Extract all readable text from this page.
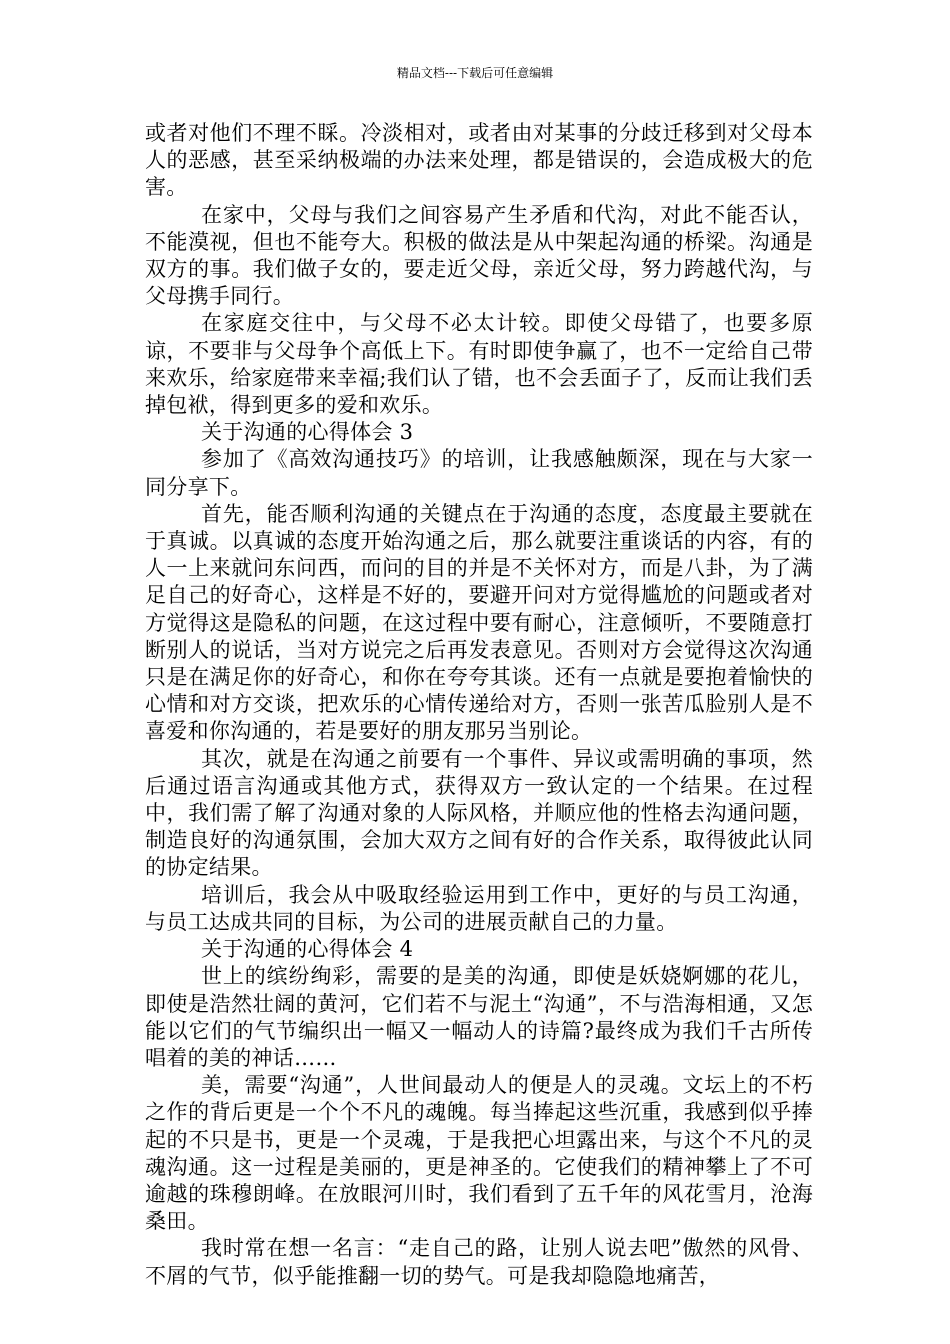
精品文档---下载后可任意编辑

或者对他们不理不睬。冷淡相对，或者由对某事的分歧迁移到对父母本人的恶感，甚至采纳极端的办法来处理，都是错误的，会造成极大的危害。

在家中，父母与我们之间容易产生矛盾和代沟，对此不能否认，不能漠视，但也不能夸大。积极的做法是从中架起沟通的桥梁。沟通是双方的事。我们做子女的，要走近父母，亲近父母，努力跨越代沟，与父母携手同行。

在家庭交往中，与父母不必太计较。即使父母错了，也要多原谅，不要非与父母争个高低上下。有时即使争赢了，也不一定给自己带来欢乐，给家庭带来幸福;我们认了错，也不会丢面子了，反而让我们丢掉包袱，得到更多的爱和欢乐。

关于沟通的心得体会 3

参加了《高效沟通技巧》的培训，让我感触颇深，现在与大家一同分享下。

首先，能否顺利沟通的关键点在于沟通的态度，态度最主要就在于真诚。以真诚的态度开始沟通之后，那么就要注重谈话的内容，有的人一上来就问东问西，而问的目的并是不关怀对方，而是八卦，为了满足自己的好奇心，这样是不好的，要避开问对方觉得尴尬的问题或者对方觉得这是隐私的问题，在这过程中要有耐心，注意倾听，不要随意打断别人的说话，当对方说完之后再发表意见。否则对方会觉得这次沟通只是在满足你的好奇心，和你在夸夸其谈。还有一点就是要抱着愉快的心情和对方交谈，把欢乐的心情传递给对方，否则一张苦瓜脸别人是不喜爱和你沟通的，若是要好的朋友那另当别论。

其次，就是在沟通之前要有一个事件、异议或需明确的事项，然后通过语言沟通或其他方式，获得双方一致认定的一个结果。在过程中，我们需了解了沟通对象的人际风格，并顺应他的性格去沟通问题，制造良好的沟通氛围，会加大双方之间有好的合作关系，取得彼此认同的协定结果。

培训后，我会从中吸取经验运用到工作中，更好的与员工沟通，与员工达成共同的目标，为公司的进展贡献自己的力量。

关于沟通的心得体会 4

世上的缤纷绚彩，需要的是美的沟通，即使是妖娆婀娜的花儿，即使是浩然壮阔的黄河，它们若不与泥土“沟通”，不与浩海相通，又怎能以它们的气节编织出一幅又一幅动人的诗篇?最终成为我们千古所传唱着的美的神话……

美，需要“沟通”，人世间最动人的便是人的灵魂。文坛上的不朽之作的背后更是一个个不凡的魂魄。每当捧起这些沉重，我感到似乎捧起的不只是书，更是一个灵魂，于是我把心坦露出来，与这个不凡的灵魂沟通。这一过程是美丽的，更是神圣的。它使我们的精神攀上了不可逾越的珠穆朗峰。在放眼河川时，我们看到了五千年的风花雪月，沧海桑田。

我时常在想一名言：“走自己的路，让别人说去吧”傲然的风骨、不屑的气节，似乎能推翻一切的势气。可是我却隐隐地痛苦，
